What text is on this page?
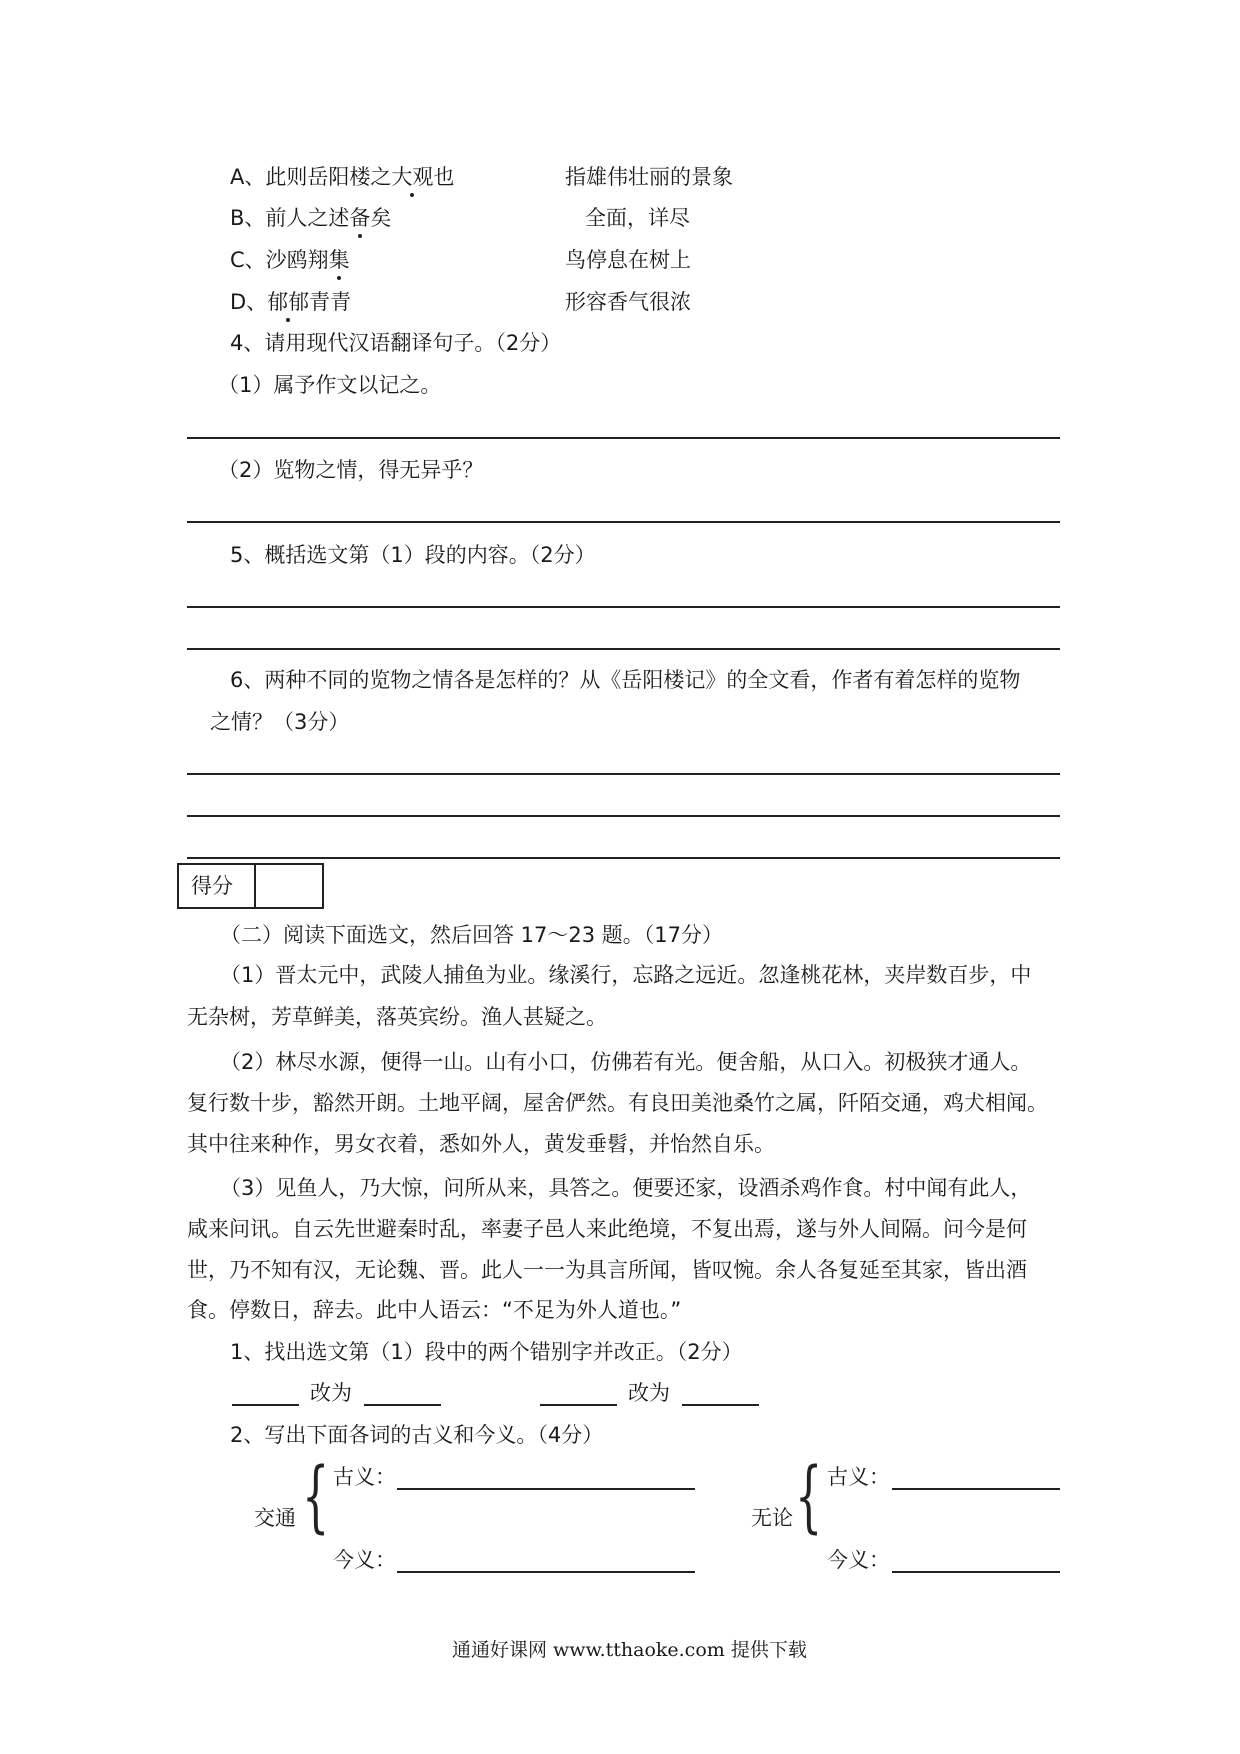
A、此则岳阳楼之大观也	指雄伟壮丽的景象
B、前人之述备矣	全面，详尽
C、沙鸥翔集	鸟停息在树上
D、郁郁青青	形容香气很浓
4、请用现代汉语翻译句子。（2分）
（1）属予作文以记之。
（2）览物之情，得无异乎？
5、概括选文第（1）段的内容。（2分）
6、两种不同的览物之情各是怎样的？从《岳阳楼记》的全文看，作者有着怎样的览物
之情？（3分）
得分
（二）阅读下面选文，然后回答 17～23 题。（17分）
（1）晋太元中，武陵人捕鱼为业。缘溪行，忘路之远近。忽逢桃花林，夹岸数百步，中
无杂树，芳草鲜美，落英宾纷。渔人甚疑之。
（2）林尽水源，便得一山。山有小口，仿佛若有光。便舍船，从口入。初极狭才通人。
复行数十步，豁然开朗。土地平阔，屋舍俨然。有良田美池桑竹之属，阡陌交通，鸡犬相闻。
其中往来种作，男女衣着，悉如外人，黄发垂髫，并怡然自乐。
（3）见鱼人，乃大惊，问所从来，具答之。便要还家，设酒杀鸡作食。村中闻有此人，
咸来问讯。自云先世避秦时乱，率妻子邑人来此绝境，不复出焉，遂与外人间隔。问今是何
世，乃不知有汉，无论魏、晋。此人一一为具言所闻，皆叹惋。余人各复延至其家，皆出酒
食。停数日，辞去。此中人语云：“不足为外人道也。”
1、找出选文第（1）段中的两个错别字并改正。（2分）
改为	改为
2、写出下面各词的古义和今义。（4分）
{
交通
古义：
今义：
{
无论
古义：
今义：
通通好课网 www.tthaoke.com 提供下载
